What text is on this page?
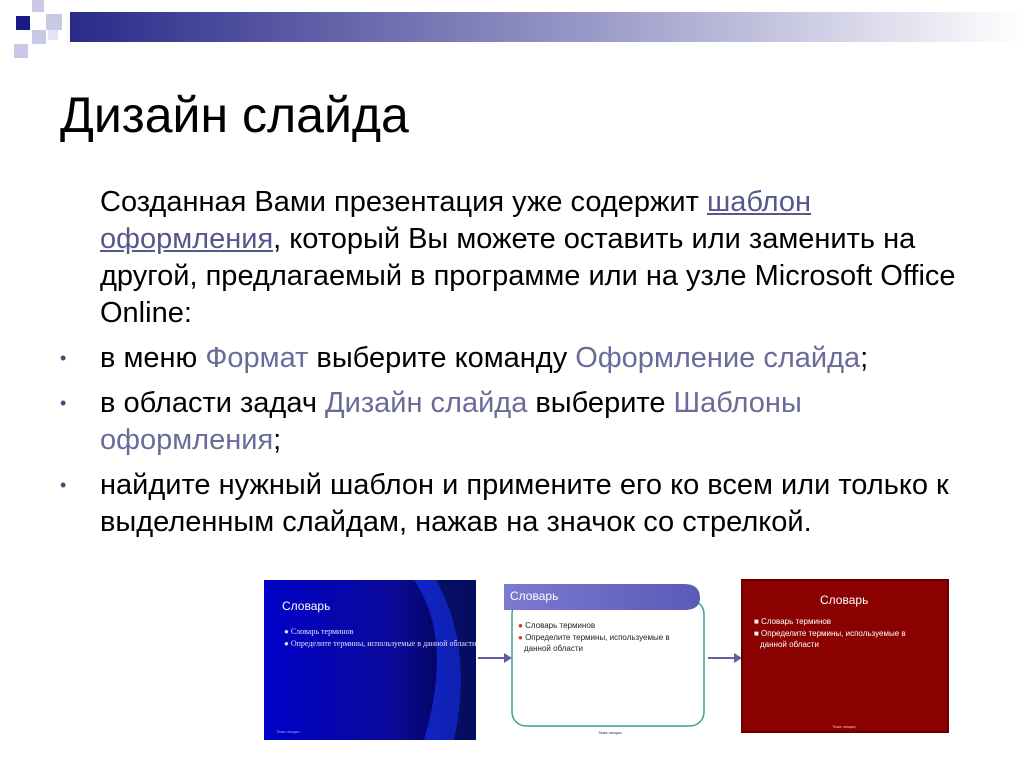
Дизайн слайда

Созданная Вами презентация уже содержит шаблон оформления, который Вы можете оставить или заменить на другой, предлагаемый в программе или на узле Microsoft Office Online:

• в меню Формат выберите команду Оформление слайда;
• в области задач Дизайн слайда выберите Шаблоны оформления;
• найдите нужный шаблон и примените его ко всем или только к выделенным слайдам, нажав на значок со стрелкой.
Словарь
● Словарь терминов
● Определите термины, используемые в данной области
Тема лекции
Словарь
● Словарь терминов
● Определите термины, используемые в
данной области
Тема лекции
Словарь
■ Словарь терминов
■ Определите термины, используемые в
данной области
Тема лекции
